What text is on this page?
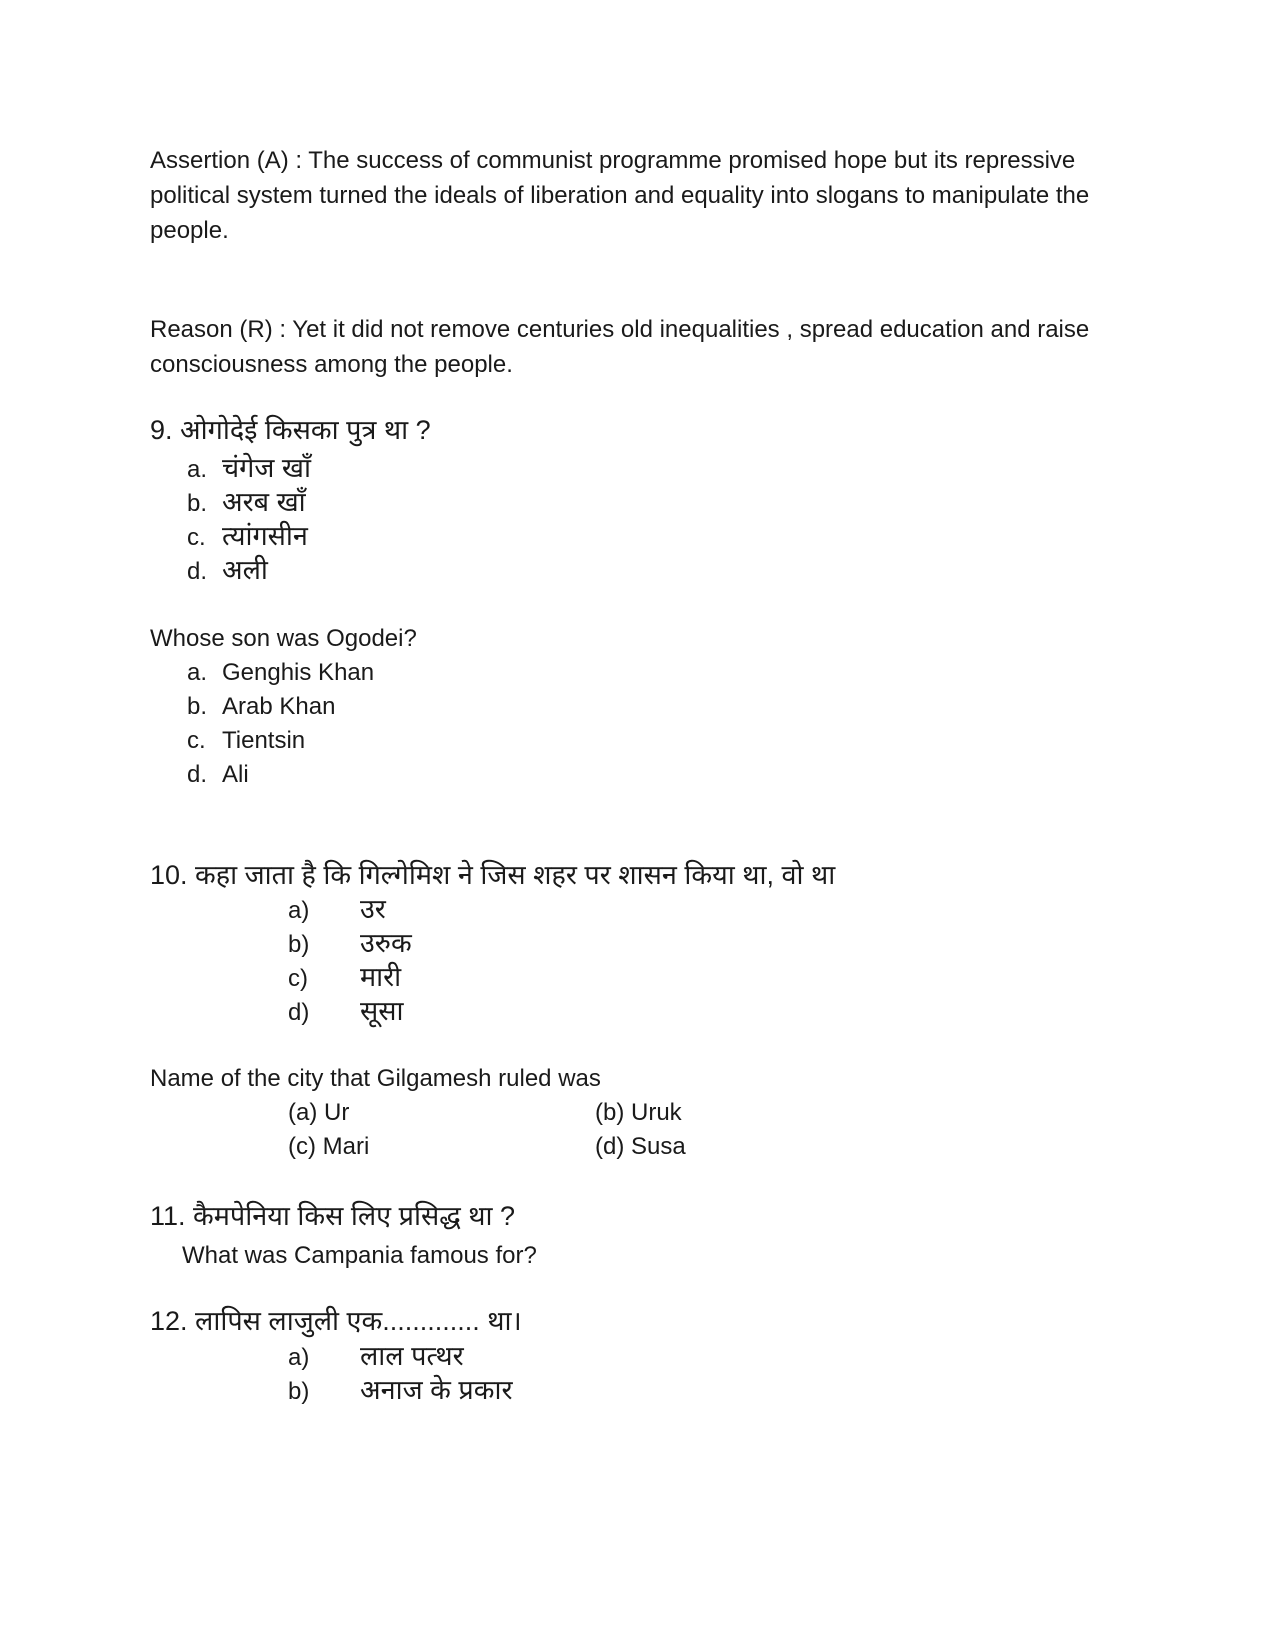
Assertion (A) : The success of communist programme promised hope but its repressive political system turned the ideals of liberation and equality into slogans to manipulate the people.
Reason (R) : Yet it did not remove centuries old inequalities , spread education and raise consciousness among the people.
9. ओगोदेई किसका पुत्र था ?
a. चंगेज खाँ
b. अरब खाँ
c. त्यांगसीन
d. अली
Whose son was Ogodei?
a. Genghis Khan
b. Arab Khan
c. Tientsin
d. Ali
10. कहा जाता है कि गिल्गेमिश ने जिस शहर पर शासन किया था, वो था
a) उर
b) उरुक
c) मारी
d) सूसा
Name of the city that Gilgamesh ruled was
(a) Ur	(b) Uruk
(c) Mari	(d) Susa
11. कैमपेनिया किस लिए प्रसिद्ध था ?
What was Campania famous for?
12. लापिस लाजुली एक............. था।
a) लाल पत्थर
b) अनाज के प्रकार
